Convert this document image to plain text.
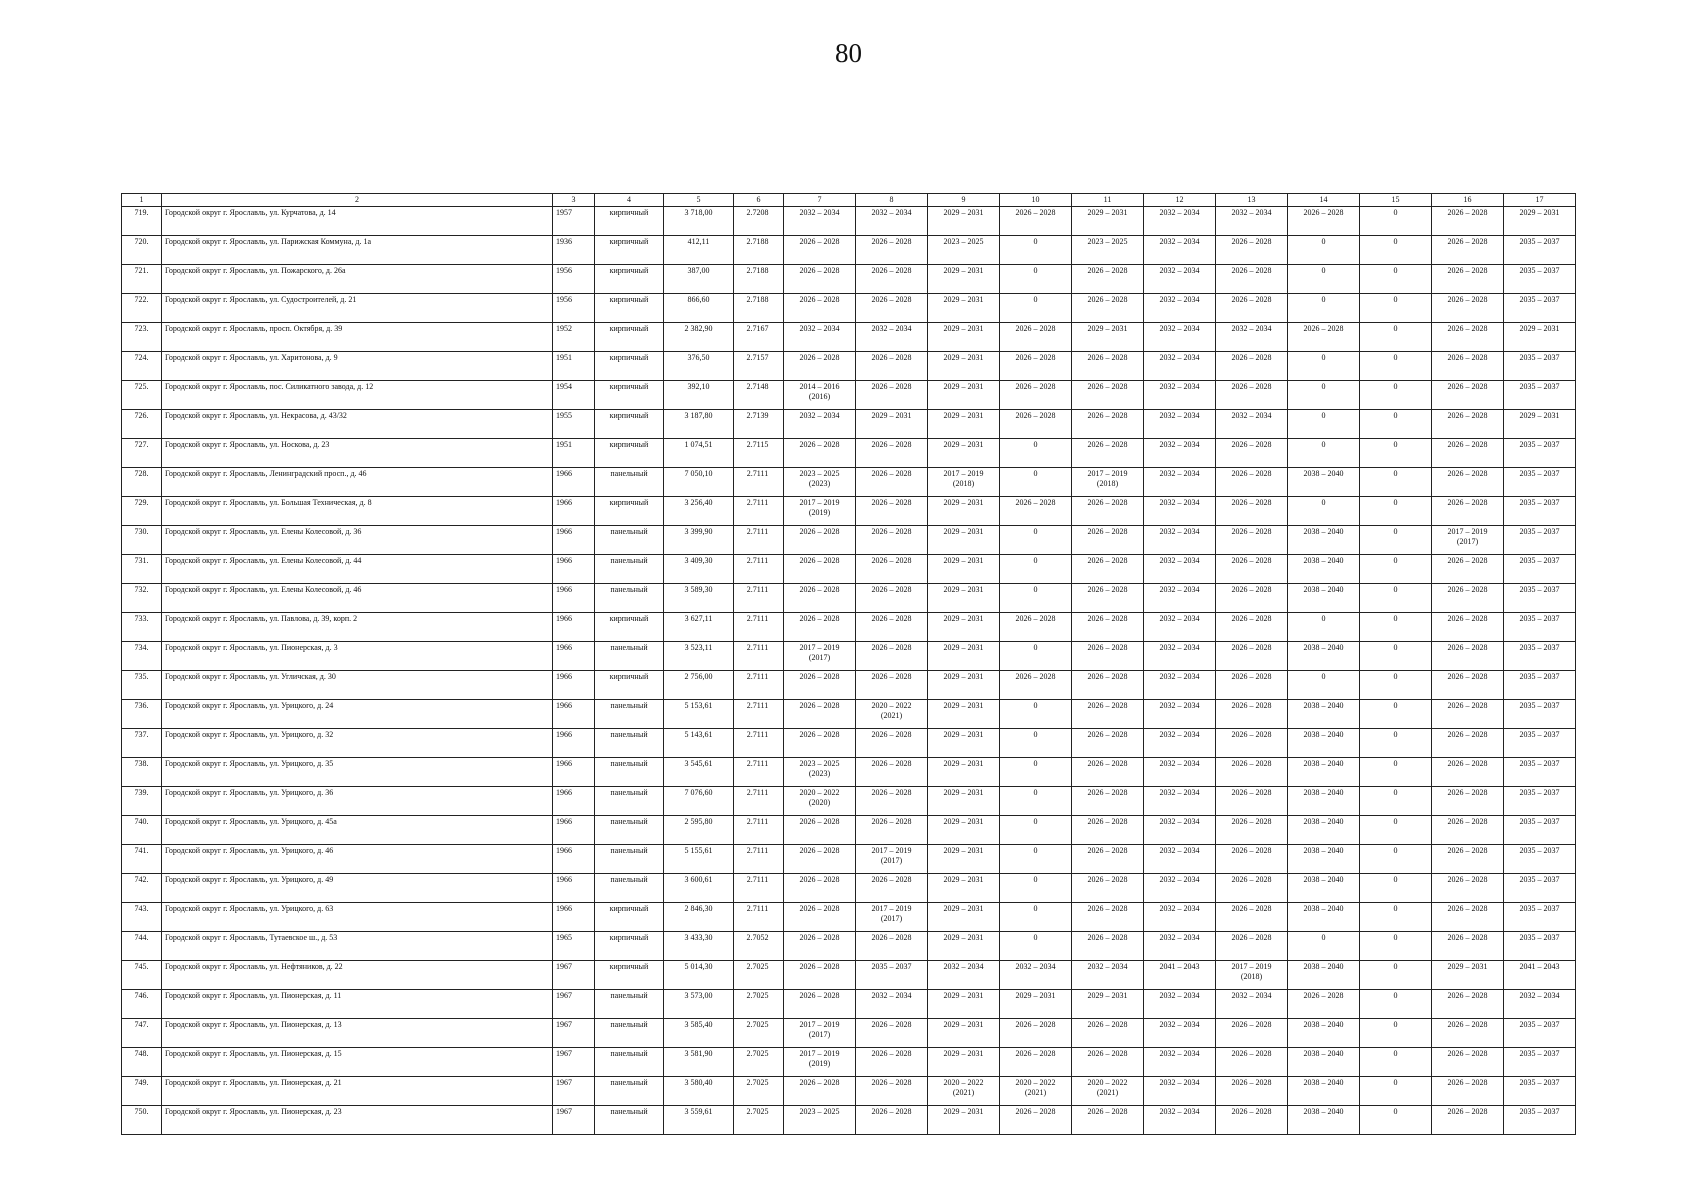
80
1	2	3	4	5	6	7	8	9	10	11	12	13	14	15	16	17
719.	Городской округ г. Ярославль, ул. Курчатова, д. 14	1957	кирпичный	3 718,00	2.7208	2032 – 2034	2032 – 2034	2029 – 2031	2026 – 2028	2029 – 2031	2032 – 2034	2032 – 2034	2026 – 2028	0	2026 – 2028	2029 – 2031
720.	Городской округ г. Ярославль, ул. Парижская Коммуна, д. 1а	1936	кирпичный	412,11	2.7188	2026 – 2028	2026 – 2028	2023 – 2025	0	2023 – 2025	2032 – 2034	2026 – 2028	0	0	2026 – 2028	2035 – 2037
721.	Городской округ г. Ярославль, ул. Пожарского, д. 26а	1956	кирпичный	387,00	2.7188	2026 – 2028	2026 – 2028	2029 – 2031	0	2026 – 2028	2032 – 2034	2026 – 2028	0	0	2026 – 2028	2035 – 2037
722.	Городской округ г. Ярославль, ул. Судостроителей, д. 21	1956	кирпичный	866,60	2.7188	2026 – 2028	2026 – 2028	2029 – 2031	0	2026 – 2028	2032 – 2034	2026 – 2028	0	0	2026 – 2028	2035 – 2037
723.	Городской округ г. Ярославль, просп. Октября, д. 39	1952	кирпичный	2 382,90	2.7167	2032 – 2034	2032 – 2034	2029 – 2031	2026 – 2028	2029 – 2031	2032 – 2034	2032 – 2034	2026 – 2028	0	2026 – 2028	2029 – 2031
724.	Городской округ г. Ярославль, ул. Харитонова, д. 9	1951	кирпичный	376,50	2.7157	2026 – 2028	2026 – 2028	2029 – 2031	2026 – 2028	2026 – 2028	2032 – 2034	2026 – 2028	0	0	2026 – 2028	2035 – 2037
725.	Городской округ г. Ярославль, пос. Силикатного завода, д. 12	1954	кирпичный	392,10	2.7148	2014 – 2016
(2016)	2026 – 2028	2029 – 2031	2026 – 2028	2026 – 2028	2032 – 2034	2026 – 2028	0	0	2026 – 2028	2035 – 2037
726.	Городской округ г. Ярославль, ул. Некрасова, д. 43/32	1955	кирпичный	3 187,80	2.7139	2032 – 2034	2029 – 2031	2029 – 2031	2026 – 2028	2026 – 2028	2032 – 2034	2032 – 2034	0	0	2026 – 2028	2029 – 2031
727.	Городской округ г. Ярославль, ул. Носкова, д. 23	1951	кирпичный	1 074,51	2.7115	2026 – 2028	2026 – 2028	2029 – 2031	0	2026 – 2028	2032 – 2034	2026 – 2028	0	0	2026 – 2028	2035 – 2037
728.	Городской округ г. Ярославль, Ленинградский просп., д. 46	1966	панельный	7 050,10	2.7111	2023 – 2025
(2023)	2026 – 2028	2017 – 2019
(2018)	0	2017 – 2019
(2018)	2032 – 2034	2026 – 2028	2038 – 2040	0	2026 – 2028	2035 – 2037
729.	Городской округ г. Ярославль, ул. Большая Техническая, д. 8	1966	кирпичный	3 256,40	2.7111	2017 – 2019
(2019)	2026 – 2028	2029 – 2031	2026 – 2028	2026 – 2028	2032 – 2034	2026 – 2028	0	0	2026 – 2028	2035 – 2037
730.	Городской округ г. Ярославль, ул. Елены Колесовой, д. 36	1966	панельный	3 399,90	2.7111	2026 – 2028	2026 – 2028	2029 – 2031	0	2026 – 2028	2032 – 2034	2026 – 2028	2038 – 2040	0	2017 – 2019
(2017)	2035 – 2037
731.	Городской округ г. Ярославль, ул. Елены Колесовой, д. 44	1966	панельный	3 409,30	2.7111	2026 – 2028	2026 – 2028	2029 – 2031	0	2026 – 2028	2032 – 2034	2026 – 2028	2038 – 2040	0	2026 – 2028	2035 – 2037
732.	Городской округ г. Ярославль, ул. Елены Колесовой, д. 46	1966	панельный	3 589,30	2.7111	2026 – 2028	2026 – 2028	2029 – 2031	0	2026 – 2028	2032 – 2034	2026 – 2028	2038 – 2040	0	2026 – 2028	2035 – 2037
733.	Городской округ г. Ярославль, ул. Павлова, д. 39, корп. 2	1966	кирпичный	3 627,11	2.7111	2026 – 2028	2026 – 2028	2029 – 2031	2026 – 2028	2026 – 2028	2032 – 2034	2026 – 2028	0	0	2026 – 2028	2035 – 2037
734.	Городской округ г. Ярославль, ул. Пионерская, д. 3	1966	панельный	3 523,11	2.7111	2017 – 2019
(2017)	2026 – 2028	2029 – 2031	0	2026 – 2028	2032 – 2034	2026 – 2028	2038 – 2040	0	2026 – 2028	2035 – 2037
735.	Городской округ г. Ярославль, ул. Угличская, д. 30	1966	кирпичный	2 756,00	2.7111	2026 – 2028	2026 – 2028	2029 – 2031	2026 – 2028	2026 – 2028	2032 – 2034	2026 – 2028	0	0	2026 – 2028	2035 – 2037
736.	Городской округ г. Ярославль, ул. Урицкого, д. 24	1966	панельный	5 153,61	2.7111	2026 – 2028	2020 – 2022
(2021)	2029 – 2031	0	2026 – 2028	2032 – 2034	2026 – 2028	2038 – 2040	0	2026 – 2028	2035 – 2037
737.	Городской округ г. Ярославль, ул. Урицкого, д. 32	1966	панельный	5 143,61	2.7111	2026 – 2028	2026 – 2028	2029 – 2031	0	2026 – 2028	2032 – 2034	2026 – 2028	2038 – 2040	0	2026 – 2028	2035 – 2037
738.	Городской округ г. Ярославль, ул. Урицкого, д. 35	1966	панельный	3 545,61	2.7111	2023 – 2025
(2023)	2026 – 2028	2029 – 2031	0	2026 – 2028	2032 – 2034	2026 – 2028	2038 – 2040	0	2026 – 2028	2035 – 2037
739.	Городской округ г. Ярославль, ул. Урицкого, д. 36	1966	панельный	7 076,60	2.7111	2020 – 2022
(2020)	2026 – 2028	2029 – 2031	0	2026 – 2028	2032 – 2034	2026 – 2028	2038 – 2040	0	2026 – 2028	2035 – 2037
740.	Городской округ г. Ярославль, ул. Урицкого, д. 45а	1966	панельный	2 595,80	2.7111	2026 – 2028	2026 – 2028	2029 – 2031	0	2026 – 2028	2032 – 2034	2026 – 2028	2038 – 2040	0	2026 – 2028	2035 – 2037
741.	Городской округ г. Ярославль, ул. Урицкого, д. 46	1966	панельный	5 155,61	2.7111	2026 – 2028	2017 – 2019
(2017)	2029 – 2031	0	2026 – 2028	2032 – 2034	2026 – 2028	2038 – 2040	0	2026 – 2028	2035 – 2037
742.	Городской округ г. Ярославль, ул. Урицкого, д. 49	1966	панельный	3 600,61	2.7111	2026 – 2028	2026 – 2028	2029 – 2031	0	2026 – 2028	2032 – 2034	2026 – 2028	2038 – 2040	0	2026 – 2028	2035 – 2037
743.	Городской округ г. Ярославль, ул. Урицкого, д. 63	1966	кирпичный	2 846,30	2.7111	2026 – 2028	2017 – 2019
(2017)	2029 – 2031	0	2026 – 2028	2032 – 2034	2026 – 2028	2038 – 2040	0	2026 – 2028	2035 – 2037
744.	Городской округ г. Ярославль, Тутаевское ш., д. 53	1965	кирпичный	3 433,30	2.7052	2026 – 2028	2026 – 2028	2029 – 2031	0	2026 – 2028	2032 – 2034	2026 – 2028	0	0	2026 – 2028	2035 – 2037
745.	Городской округ г. Ярославль, ул. Нефтяников, д. 22	1967	кирпичный	5 014,30	2.7025	2026 – 2028	2035 – 2037	2032 – 2034	2032 – 2034	2032 – 2034	2041 – 2043	2017 – 2019
(2018)	2038 – 2040	0	2029 – 2031	2041 – 2043
746.	Городской округ г. Ярославль, ул. Пионерская, д. 11	1967	панельный	3 573,00	2.7025	2026 – 2028	2032 – 2034	2029 – 2031	2029 – 2031	2029 – 2031	2032 – 2034	2032 – 2034	2026 – 2028	0	2026 – 2028	2032 – 2034
747.	Городской округ г. Ярославль, ул. Пионерская, д. 13	1967	панельный	3 585,40	2.7025	2017 – 2019
(2017)	2026 – 2028	2029 – 2031	2026 – 2028	2026 – 2028	2032 – 2034	2026 – 2028	2038 – 2040	0	2026 – 2028	2035 – 2037
748.	Городской округ г. Ярославль, ул. Пионерская, д. 15	1967	панельный	3 581,90	2.7025	2017 – 2019
(2019)	2026 – 2028	2029 – 2031	2026 – 2028	2026 – 2028	2032 – 2034	2026 – 2028	2038 – 2040	0	2026 – 2028	2035 – 2037
749.	Городской округ г. Ярославль, ул. Пионерская, д. 21	1967	панельный	3 580,40	2.7025	2026 – 2028	2026 – 2028	2020 – 2022
(2021)	2020 – 2022
(2021)	2020 – 2022
(2021)	2032 – 2034	2026 – 2028	2038 – 2040	0	2026 – 2028	2035 – 2037
750.	Городской округ г. Ярославль, ул. Пионерская, д. 23	1967	панельный	3 559,61	2.7025	2023 – 2025	2026 – 2028	2029 – 2031	2026 – 2028	2026 – 2028	2032 – 2034	2026 – 2028	2038 – 2040	0	2026 – 2028	2035 – 2037
